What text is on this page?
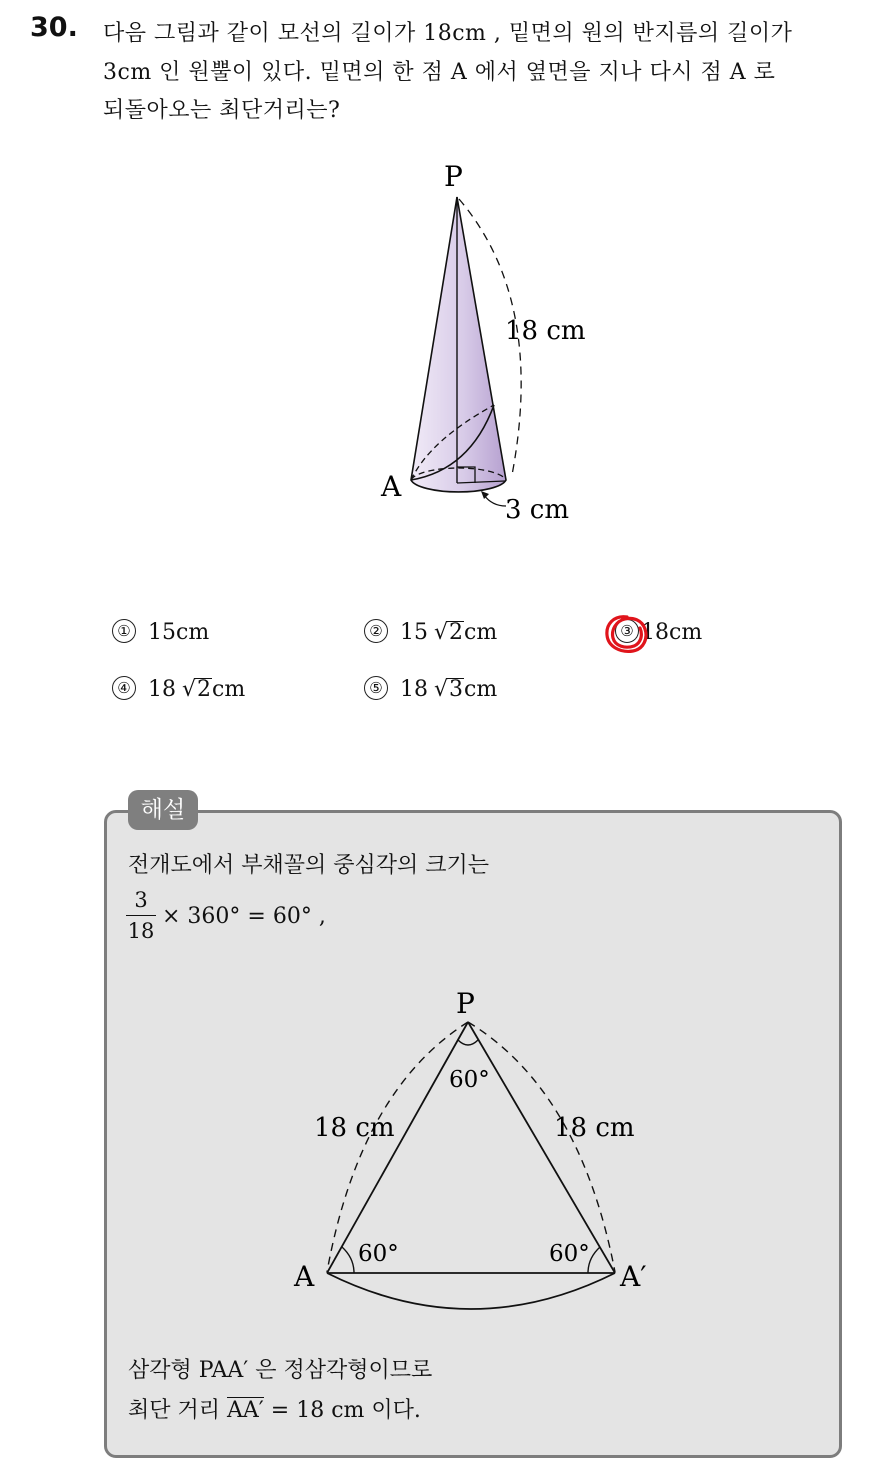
30. 다음 그림과 같이 모선의 길이가 18cm , 밑면의 원의 반지름의 길이가
3cm 인 원뿔이 있다. 밑면의 한 점 A 에서 옆면을 지나 다시 점 A 로
되돌아오는 최단거리는?
P
A
18 cm
3 cm
① 15cm	② 15 √2cm	③ 18cm
④ 18 √2cm	⑤ 18 √3cm
해설
전개도에서 부채꼴의 중심각의 크기는
3
18
× 360° = 60° ,
P
A	A′
60°
60°	60°
18 cm	18 cm
삼각형 PAA′ 은 정삼각형이므로
최단 거리 AA′ = 18 cm 이다.
